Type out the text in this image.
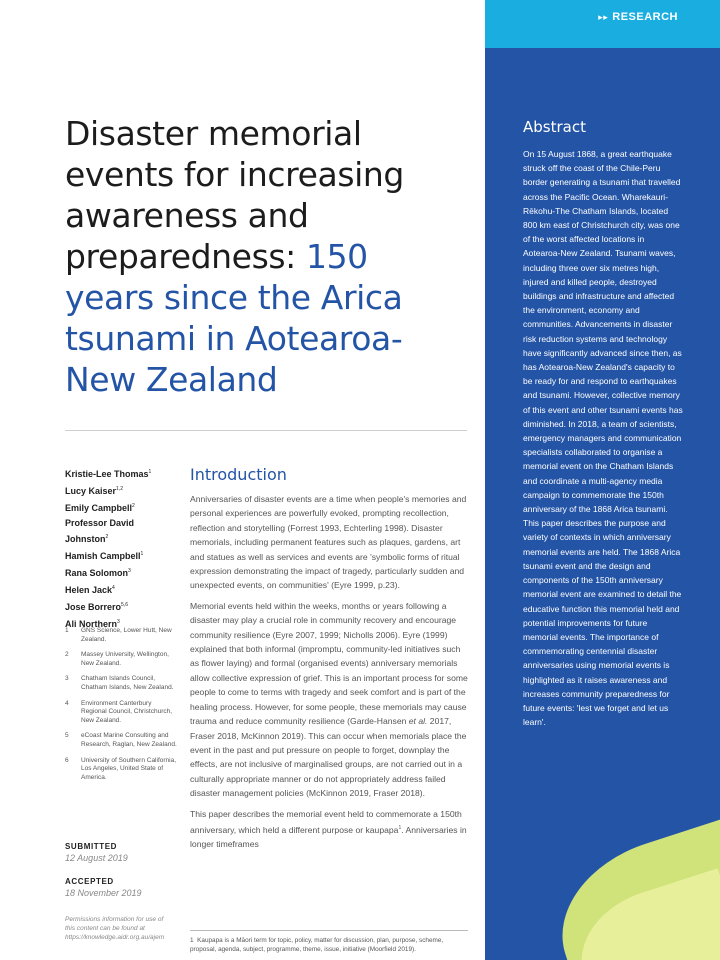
▸▸ RESEARCH
Abstract
On 15 August 1868, a great earthquake struck off the coast of the Chile-Peru border generating a tsunami that travelled across the Pacific Ocean. Wharekauri-Rēkohu-The Chatham Islands, located 800 km east of Christchurch city, was one of the worst affected locations in Aotearoa-New Zealand. Tsunami waves, including three over six metres high, injured and killed people, destroyed buildings and infrastructure and affected the environment, economy and communities. Advancements in disaster risk reduction systems and technology have significantly advanced since then, as has Aotearoa-New Zealand's capacity to be ready for and respond to earthquakes and tsunami. However, collective memory of this event and other tsunami events has diminished. In 2018, a team of scientists, emergency managers and communication specialists collaborated to organise a memorial event on the Chatham Islands and coordinate a multi-agency media campaign to commemorate the 150th anniversary of the 1868 Arica tsunami. This paper describes the purpose and variety of contexts in which anniversary memorial events are held. The 1868 Arica tsunami event and the design and components of the 150th anniversary memorial event are examined to detail the educative function this memorial held and potential improvements for future memorial events. The importance of commemorating centennial disaster anniversaries using memorial events is highlighted as it raises awareness and increases community preparedness for future events: 'lest we forget and let us learn'.
Disaster memorial events for increasing awareness and preparedness: 150 years since the Arica tsunami in Aotearoa-New Zealand
Kristie-Lee Thomas$^1$
Lucy Kaiser$^{1,2}$
Emily Campbell$^2$
Professor David Johnston$^2$
Hamish Campbell$^1$
Rana Solomon$^3$
Helen Jack$^4$
Jose Borrero$^{5,6}$
Ali Northern$^3$
1	GNS Science, Lower Hutt, New Zealand.
2	Massey University, Wellington, New Zealand.
3	Chatham Islands Council, Chatham Islands, New Zealand.
4	Environment Canterbury Regional Council, Christchurch, New Zealand.
5	eCoast Marine Consulting and Research, Raglan, New Zealand.
6	University of Southern California, Los Angeles, United State of America.
SUBMITTED
12 August 2019
ACCEPTED
18 November 2019
Permissions information for use of this content can be found at https://knowledge.aidr.org.au/ajem
Introduction

Anniversaries of disaster events are a time when people's memories and personal experiences are powerfully evoked, prompting recollection, reflection and storytelling (Forrest 1993, Echterling 1998). Disaster memorials, including permanent features such as plaques, gardens, art and statues as well as services and events are 'symbolic forms of ritual expression demonstrating the impact of tragedy, particularly sudden and unexpected events, on communities' (Eyre 1999, p.23).

Memorial events held within the weeks, months or years following a disaster may play a crucial role in community recovery and encourage community resilience (Eyre 2007, 1999; Nicholls 2006). Eyre (1999) explained that both informal (impromptu, community-led initiatives such as flower laying) and formal (organised events) anniversary memorials allow collective expression of grief. This is an important process for some people to come to terms with tragedy and seek comfort and is part of the healing process. However, for some people, these memorials may cause trauma and reduce community resilience (Garde-Hansen et al. 2017, Fraser 2018, McKinnon 2019). This can occur when memorials place the event in the past and put pressure on people to forget, downplay the effects, are not inclusive of marginalised groups, are not carried out in a culturally appropriate manner or do not appropriately address failed disaster management policies (McKinnon 2019, Fraser 2018).

This paper describes the memorial event held to commemorate a 150th anniversary, which held a different purpose or kaupapa$^1$. Anniversaries in longer timeframes

1 Kaupapa is a Māori term for topic, policy, matter for discussion, plan, purpose, scheme, proposal, agenda, subject, programme, theme, issue, initiative (Moorfield 2019).
